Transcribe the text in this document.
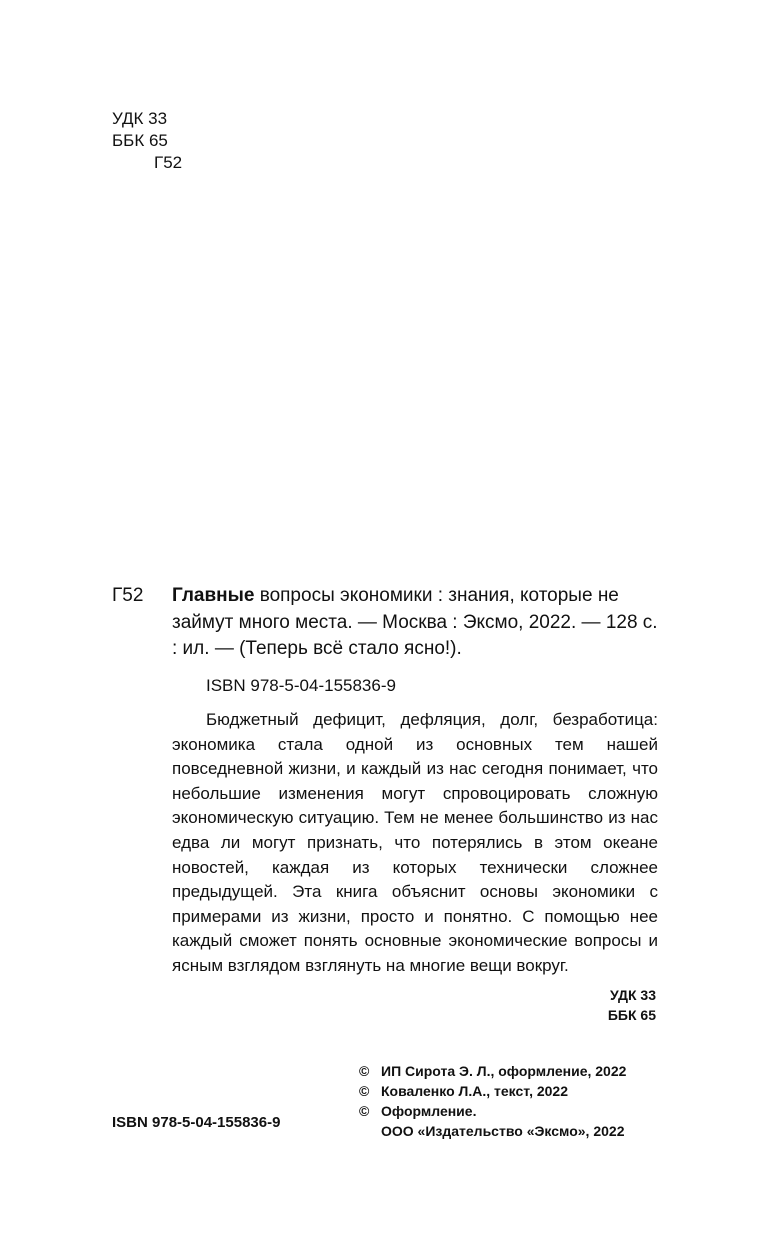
УДК 33
ББК 65
Г52
Г52 Главные вопросы экономики : знания, которые не займут много места. — Москва : Эксмо, 2022. — 128 с. : ил. — (Теперь всё стало ясно!).
ISBN 978-5-04-155836-9
Бюджетный дефицит, дефляция, долг, безработица: экономика стала одной из основных тем нашей повседневной жизни, и каждый из нас сегодня понимает, что небольшие изменения могут спровоцировать сложную экономическую ситуацию. Тем не менее большинство из нас едва ли могут признать, что потерялись в этом океане новостей, каждая из которых технически сложнее предыдущей. Эта книга объяснит основы экономики с примерами из жизни, просто и понятно. С помощью нее каждый сможет понять основные экономические вопросы и ясным взглядом взглянуть на многие вещи вокруг.
УДК 33
ББК 65
© ИП Сирота Э. Л., оформление, 2022
© Коваленко Л.А., текст, 2022
© Оформление.
ООО «Издательство «Эксмо», 2022
ISBN 978-5-04-155836-9
